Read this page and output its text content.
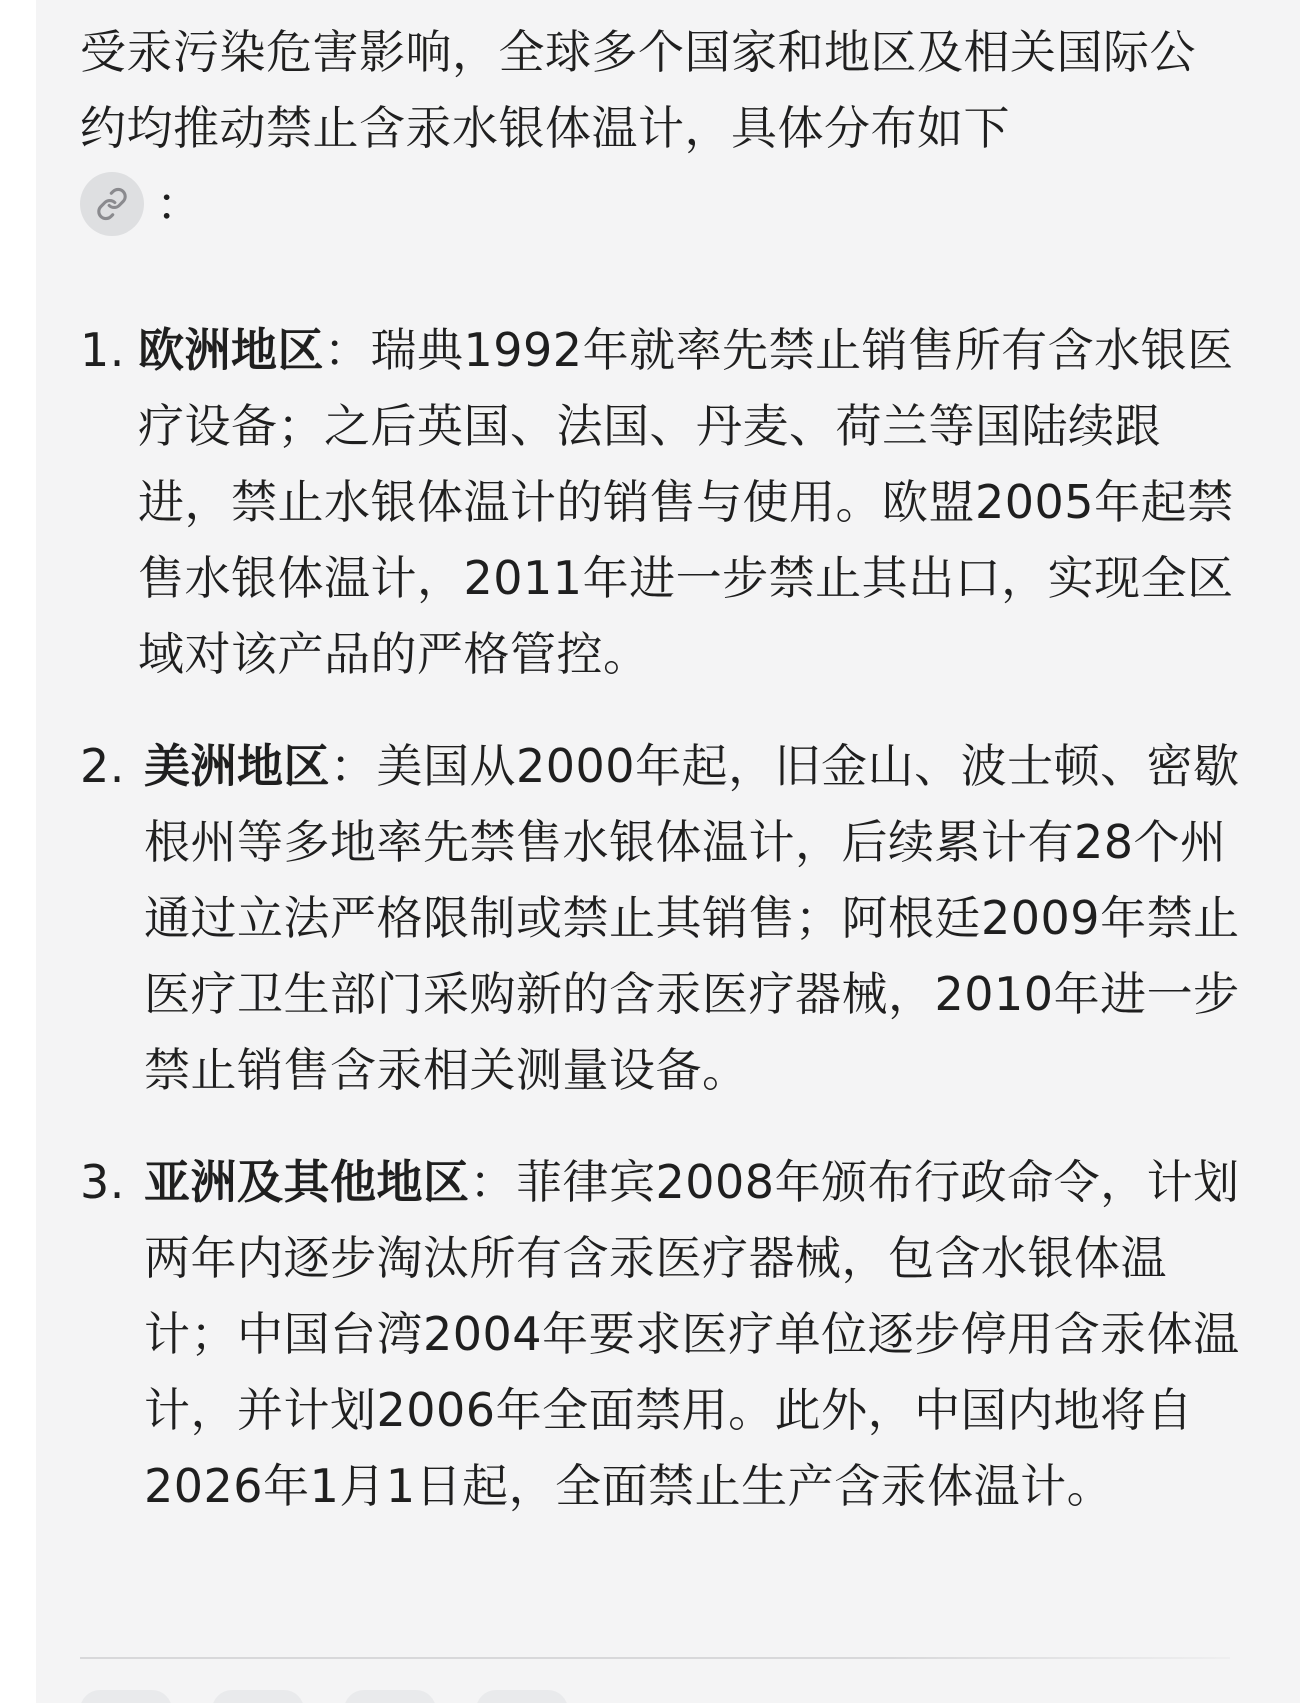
受汞污染危害影响，全球多个国家和地区及相关国际公约均推动禁止含汞水银体温计，具体分布如下

：
1. 欧洲地区：瑞典1992年就率先禁止销售所有含水银医疗设备；之后英国、法国、丹麦、荷兰等国陆续跟进，禁止水银体温计的销售与使用。欧盟2005年起禁售水银体温计，2011年进一步禁止其出口，实现全区域对该产品的严格管控。
2. 美洲地区：美国从2000年起，旧金山、波士顿、密歇根州等多地率先禁售水银体温计，后续累计有28个州通过立法严格限制或禁止其销售；阿根廷2009年禁止医疗卫生部门采购新的含汞医疗器械，2010年进一步禁止销售含汞相关测量设备。
3. 亚洲及其他地区：菲律宾2008年颁布行政命令，计划两年内逐步淘汰所有含汞医疗器械，包含水银体温计；中国台湾2004年要求医疗单位逐步停用含汞体温计，并计划2006年全面禁用。此外，中国内地将自2026年1月1日起，全面禁止生产含汞体温计。
